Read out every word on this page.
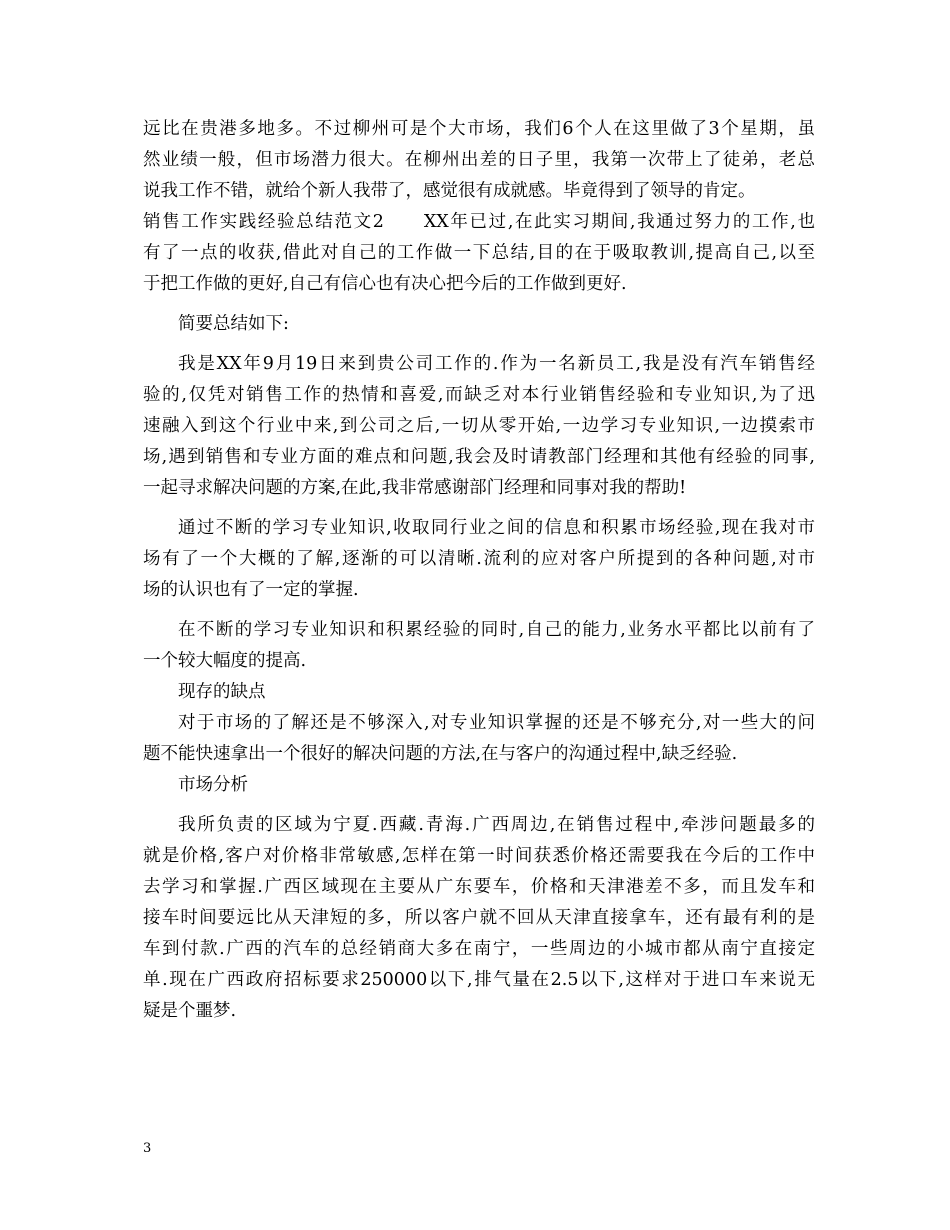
远比在贵港多地多。不过柳州可是个大市场，我们6个人在这里做了3个星期，虽
然业绩一般，但市场潜力很大。在柳州出差的日子里，我第一次带上了徒弟，老总
说我工作不错，就给个新人我带了，感觉很有成就感。毕竟得到了领导的肯定。
销售工作实践经验总结范文2　　XX年已过,在此实习期间,我通过努力的工作,也
有了一点的收获,借此对自己的工作做一下总结,目的在于吸取教训,提高自己,以至
于把工作做的更好,自己有信心也有决心把今后的工作做到更好.
简要总结如下:
我是XX年9月19日来到贵公司工作的.作为一名新员工,我是没有汽车销售经
验的,仅凭对销售工作的热情和喜爱,而缺乏对本行业销售经验和专业知识,为了迅
速融入到这个行业中来,到公司之后,一切从零开始,一边学习专业知识,一边摸索市
场,遇到销售和专业方面的难点和问题,我会及时请教部门经理和其他有经验的同事,
一起寻求解决问题的方案,在此,我非常感谢部门经理和同事对我的帮助!
通过不断的学习专业知识,收取同行业之间的信息和积累市场经验,现在我对市
场有了一个大概的了解,逐渐的可以清晰.流利的应对客户所提到的各种问题,对市
场的认识也有了一定的掌握.
在不断的学习专业知识和积累经验的同时,自己的能力,业务水平都比以前有了
一个较大幅度的提高.
现存的缺点
对于市场的了解还是不够深入,对专业知识掌握的还是不够充分,对一些大的问
题不能快速拿出一个很好的解决问题的方法,在与客户的沟通过程中,缺乏经验.
市场分析
我所负责的区域为宁夏.西藏.青海.广西周边,在销售过程中,牵涉问题最多的
就是价格,客户对价格非常敏感,怎样在第一时间获悉价格还需要我在今后的工作中
去学习和掌握.广西区域现在主要从广东要车，价格和天津港差不多，而且发车和
接车时间要远比从天津短的多，所以客户就不回从天津直接拿车，还有最有利的是
车到付款.广西的汽车的总经销商大多在南宁，一些周边的小城市都从南宁直接定
单.现在广西政府招标要求250000以下,排气量在2.5以下,这样对于进口车来说无
疑是个噩梦.
3
